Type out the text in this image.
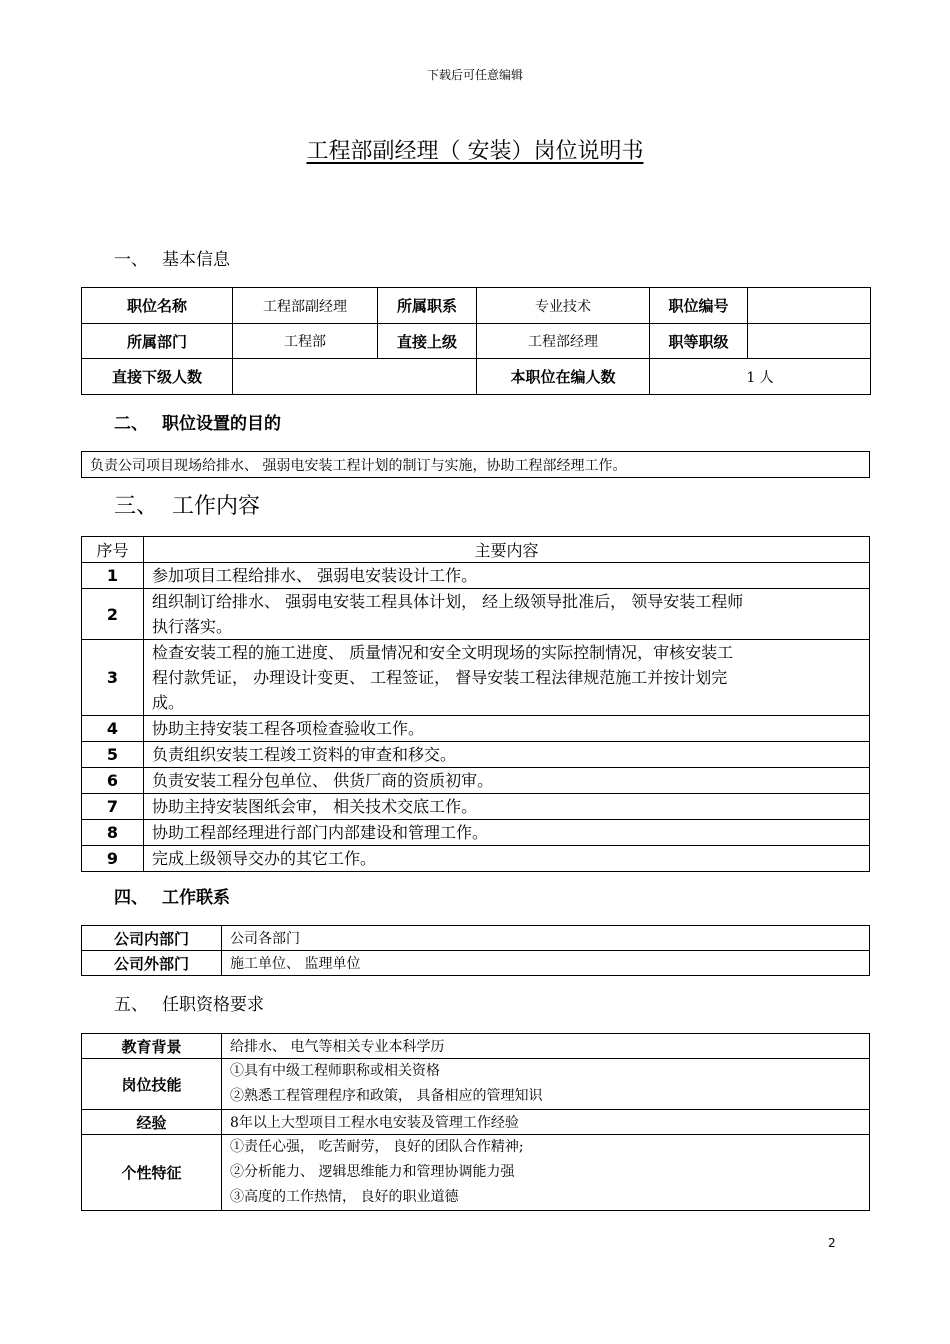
下载后可任意编辑
工程部副经理（ 安装）岗位说明书
一、 基本信息
职位名称	工程部副经理	所属职系	专业技术	职位编号	
所属部门	工程部	直接上级	工程部经理	职等职级	
直接下级人数			本职位在编人数	1 人	
二、 职位设置的目的
负责公司项目现场给排水、 强弱电安装工程计划的制订与实施，协助工程部经理工作。
三、 工作内容
序号	主要内容
1	参加项目工程给排水、 强弱电安装设计工作。

2	组织制订给排水、 强弱电安装工程具体计划， 经上级领导批准后， 领导安装工程师
执行落实。

3	检查安装工程的施工进度、 质量情况和安全文明现场的实际控制情况，审核安装工
程付款凭证， 办理设计变更、 工程签证， 督导安装工程法律规范施工并按计划完
成。

4	协助主持安装工程各项检查验收工作。

5	负责组织安装工程竣工资料的审查和移交。

6	负责安装工程分包单位、 供货厂商的资质初审。

7	协助主持安装图纸会审， 相关技术交底工作。

8	协助工程部经理进行部门内部建设和管理工作。

9	完成上级领导交办的其它工作。
四、 工作联系
公司内部门	公司各部门
公司外部门	施工单位、 监理单位
五、 任职资格要求
教育背景	给排水、 电气等相关专业本科学历
岗位技能	①具有中级工程师职称或相关资格
②熟悉工程管理程序和政策， 具备相应的管理知识

经验	8年以上大型项目工程水电安装及管理工作经验
个性特征	①责任心强， 吃苦耐劳， 良好的团队合作精神;
②分析能力、 逻辑思维能力和管理协调能力强
③高度的工作热情， 良好的职业道德
2
